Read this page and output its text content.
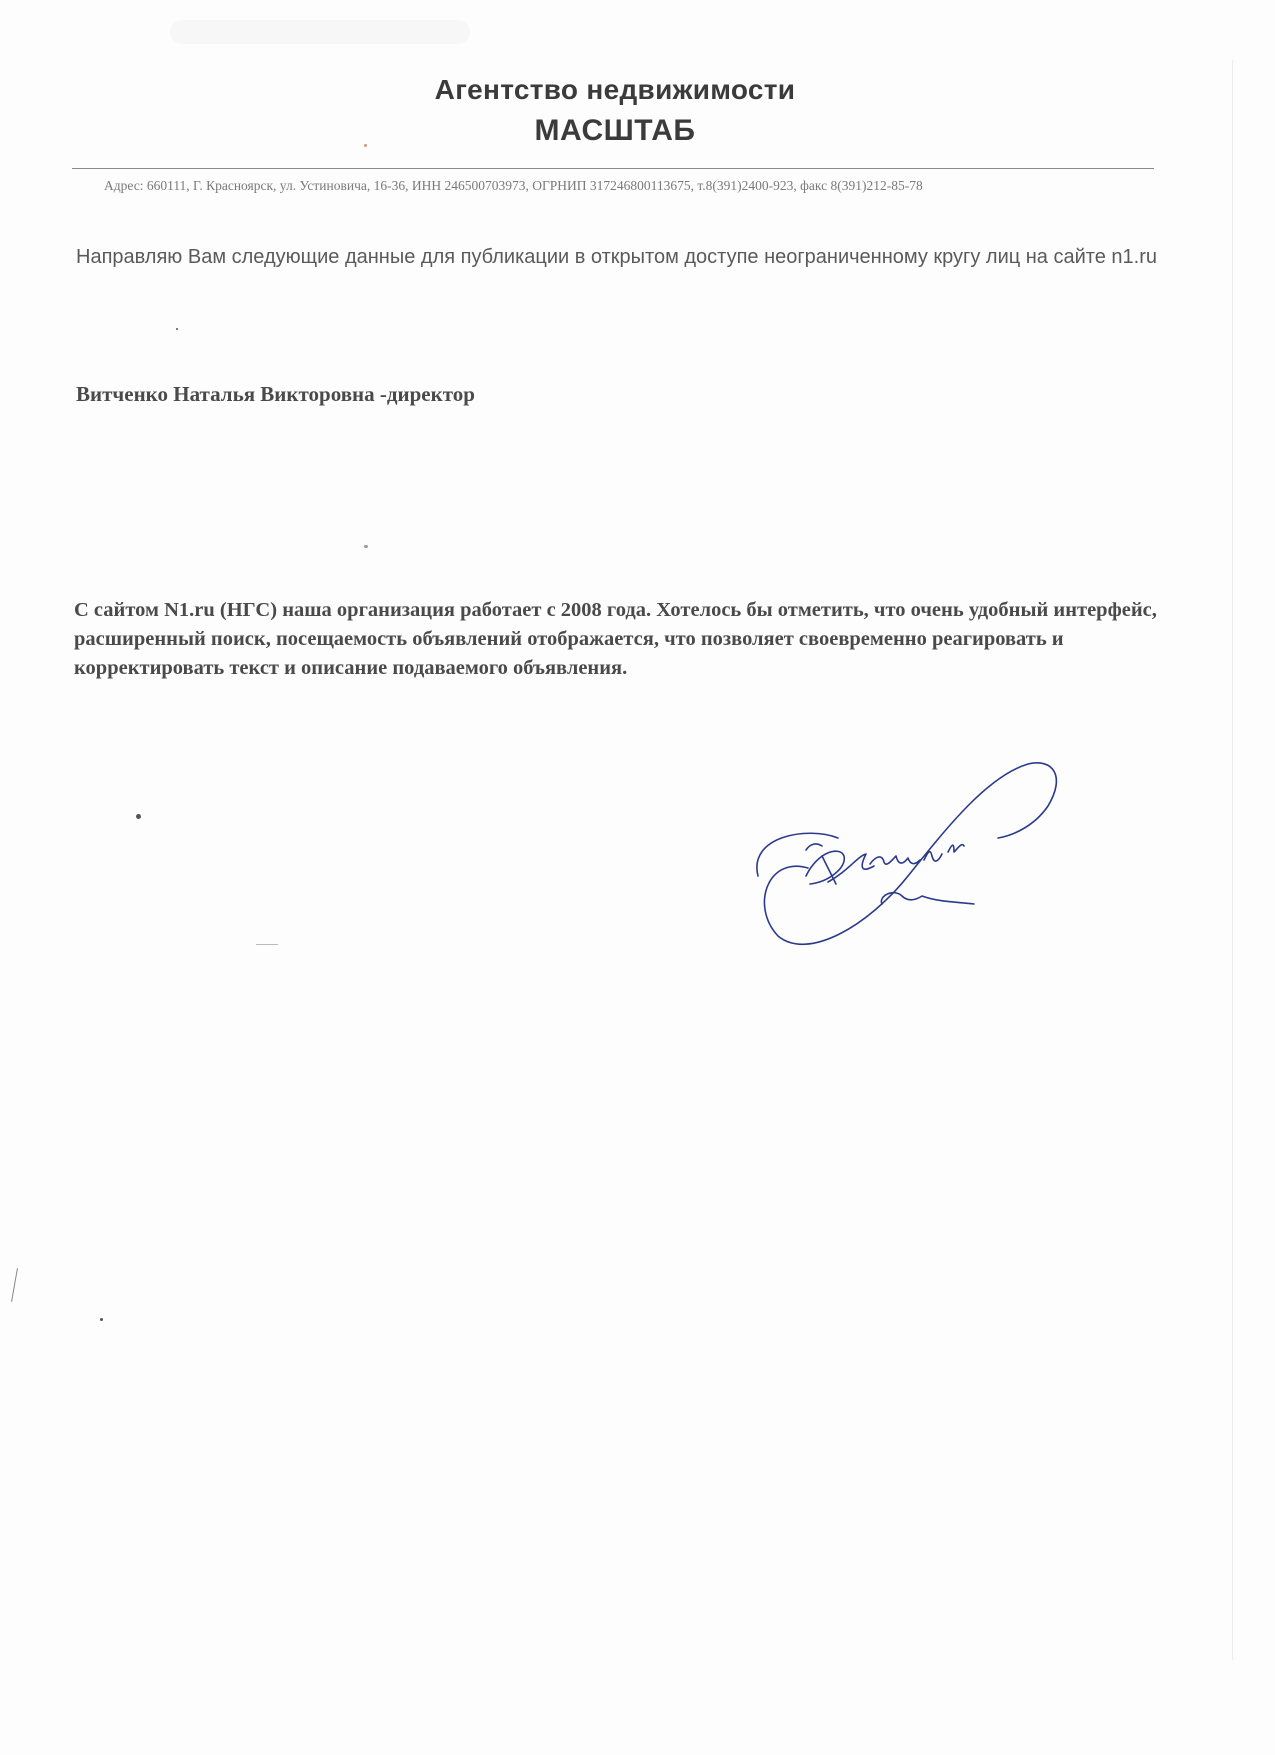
Агентство недвижимости
МАСШТАБ
Адрес: 660111, Г. Красноярск, ул. Устиновича, 16-36, ИНН 246500703973, ОГРНИП 317246800113675, т.8(391)2400-923, факс 8(391)212-85-78
Направляю Вам следующие данные для публикации в открытом доступе неограниченному кругу лиц на сайте n1.ru
Витченко Наталья Викторовна -директор
С сайтом N1.ru (НГС) наша организация работает с 2008 года. Хотелось бы отметить, что очень удобный интерфейс, расширенный поиск, посещаемость объявлений отображается, что позволяет своевременно реагировать и корректировать текст и описание подаваемого объявления.
